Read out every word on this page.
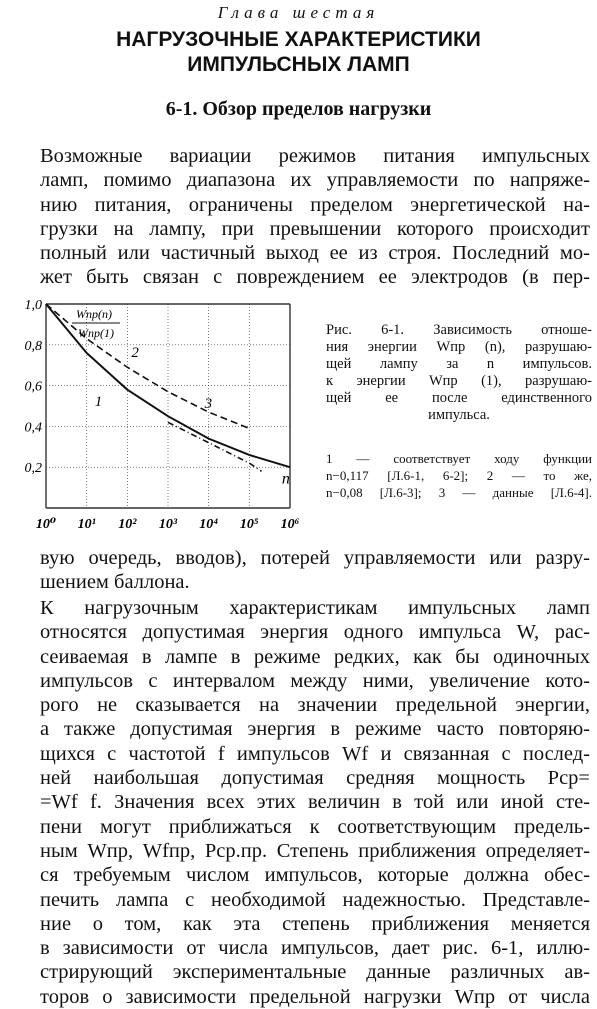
Глава шестая
НАГРУЗОЧНЫЕ ХАРАКТЕРИСТИКИ
ИМПУЛЬСНЫХ ЛАМП
6-1. Обзор пределов нагрузки
Возможные вариации режимов питания импульсных
ламп, помимо диапазона их управляемости по напряже-
нию питания, ограничены пределом энергетической на-
грузки на лампу, при превышении которого происходит
полный или частичный выход ее из строя. Последний мо-
жет быть связан с повреждением ее электродов (в пер-
1,0
0,8
0,6
0,4
0,2
10⁰ 10¹ 10² 10³ 10⁴ 10⁵ 10⁶
1
2
3
n
Wпр(n)
Wпр(1)	Рис. 6-1. Зависимость отноше-
ния энергии Wпр (n), разрушаю-
щей лампу за n импульсов.
к энергии Wпр (1), разрушаю-
щей ее после единственного
импульса.
1 — соответствует ходу функции
n−0,117 [Л.6-1, 6-2]; 2 — то же,
n−0,08 [Л.6-3]; 3 — данные [Л.6-4].
вую очередь, вводов), потерей управляемости или разру-
шением баллона.
К нагрузочным характеристикам импульсных ламп
относятся допустимая энергия одного импульса W, рас-
сеиваемая в лампе в режиме редких, как бы одиночных
импульсов с интервалом между ними, увеличение кото-
рого не сказывается на значении предельной энергии,
а также допустимая энергия в режиме часто повторяю-
щихся с частотой f импульсов Wf и связанная с послед-
ней наибольшая допустимая средняя мощность Pср=
=Wf f. Значения всех этих величин в той или иной сте-
пени могут приближаться к соответствующим предель-
ным Wпр, Wfпр, Pср.пр. Степень приближения определяет-
ся требуемым числом импульсов, которые должна обес-
печить лампа с необходимой надежностью. Представле-
ние о том, как эта степень приближения меняется
в зависимости от числа импульсов, дает рис. 6-1, иллю-
стрирующий экспериментальные данные различных ав-
торов о зависимости предельной нагрузки Wпр от числа
